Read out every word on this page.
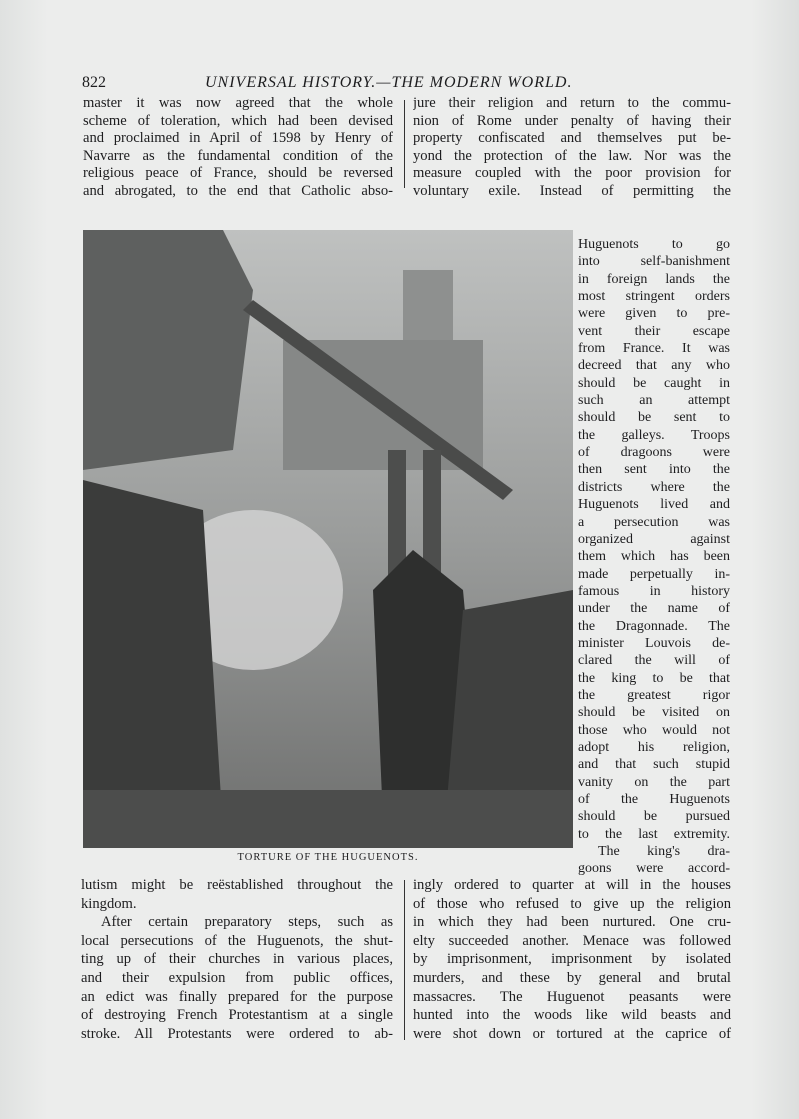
822	UNIVERSAL HISTORY.—THE MODERN WORLD.
master it was now agreed that the whole
scheme of toleration, which had been devised
and proclaimed in April of 1598 by Henry of
Navarre as the fundamental condition of the
religious peace of France, should be reversed
and abrogated, to the end that Catholic abso-
jure their religion and return to the commu-
nion of Rome under penalty of having their
property confiscated and themselves put be-
yond the protection of the law. Nor was the
measure coupled with the poor provision for
voluntary exile. Instead of permitting the
TORTURE OF THE HUGUENOTS.
Huguenots to go
into self-banishment
in foreign lands the
most stringent orders
were given to pre-
vent their escape
from France. It was
decreed that any who
should be caught in
such an attempt
should be sent to
the galleys. Troops
of dragoons were
then sent into the
districts where the
Huguenots lived and
a persecution was
organized against
them which has been
made perpetually in-
famous in history
under the name of
the Dragonnade. The
minister Louvois de-
clared the will of
the king to be that
the greatest rigor
should be visited on
those who would not
adopt his religion,
and that such stupid
vanity on the part
of the Huguenots
should be pursued
to the last extremity.
The king's dra-
goons were accord-
lutism might be reëstablished throughout the
kingdom.
After certain preparatory steps, such as
local persecutions of the Huguenots, the shut-
ting up of their churches in various places,
and their expulsion from public offices,
an edict was finally prepared for the purpose
of destroying French Protestantism at a single
stroke. All Protestants were ordered to ab-
ingly ordered to quarter at will in the houses
of those who refused to give up the religion
in which they had been nurtured. One cru-
elty succeeded another. Menace was followed
by imprisonment, imprisonment by isolated
murders, and these by general and brutal
massacres. The Huguenot peasants were
hunted into the woods like wild beasts and
were shot down or tortured at the caprice of
